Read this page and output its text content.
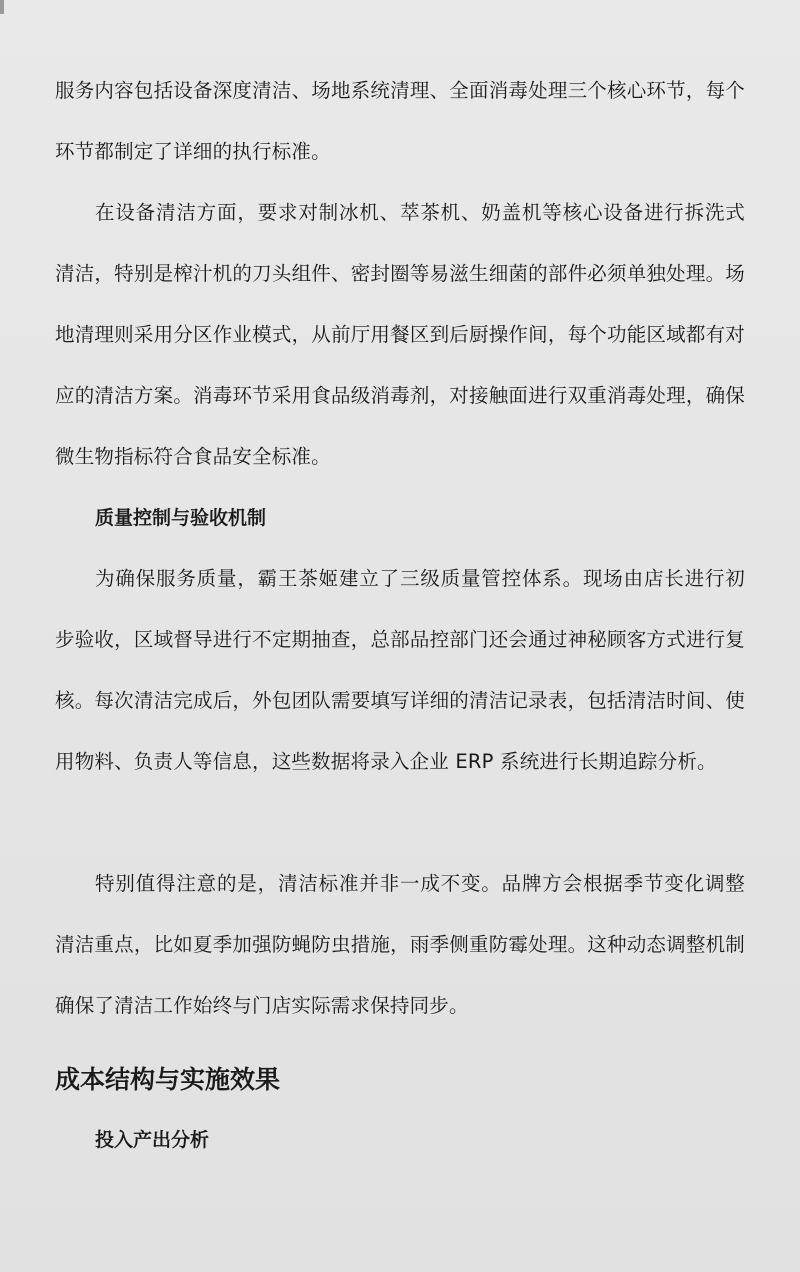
服务内容包括设备深度清洁、场地系统清理、全面消毒处理三个核心环节，每个环节都制定了详细的执行标准。

在设备清洁方面，要求对制冰机、萃茶机、奶盖机等核心设备进行拆洗式清洁，特别是榨汁机的刀头组件、密封圈等易滋生细菌的部件必须单独处理。场地清理则采用分区作业模式，从前厅用餐区到后厨操作间，每个功能区域都有对应的清洁方案。消毒环节采用食品级消毒剂，对接触面进行双重消毒处理，确保微生物指标符合食品安全标准。

质量控制与验收机制

为确保服务质量，霸王茶姬建立了三级质量管控体系。现场由店长进行初步验收，区域督导进行不定期抽查，总部品控部门还会通过神秘顾客方式进行复核。每次清洁完成后，外包团队需要填写详细的清洁记录表，包括清洁时间、使用物料、负责人等信息，这些数据将录入企业 ERP 系统进行长期追踪分析。

特别值得注意的是，清洁标准并非一成不变。品牌方会根据季节变化调整清洁重点，比如夏季加强防蝇防虫措施，雨季侧重防霉处理。这种动态调整机制确保了清洁工作始终与门店实际需求保持同步。

成本结构与实施效果
投入产出分析
